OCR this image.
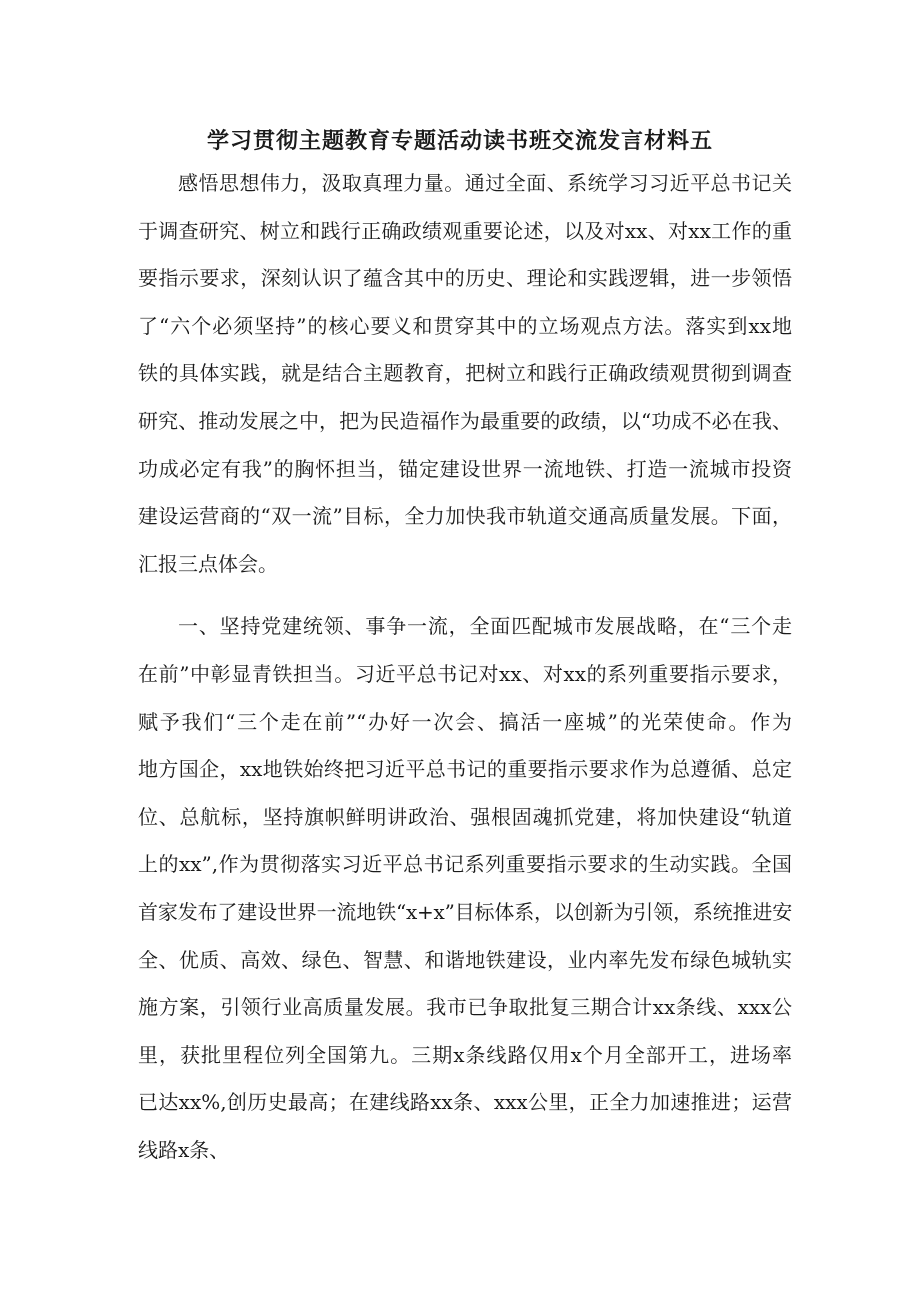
学习贯彻主题教育专题活动读书班交流发言材料五

感悟思想伟力，汲取真理力量。通过全面、系统学习习近平总书记关
于调查研究、树立和践行正确政绩观重要论述，以及对xx、对xx工作的重
要指示要求，深刻认识了蕴含其中的历史、理论和实践逻辑，进一步领悟
了“六个必须坚持”的核心要义和贯穿其中的立场观点方法。落实到xx地
铁的具体实践，就是结合主题教育，把树立和践行正确政绩观贯彻到调查
研究、推动发展之中，把为民造福作为最重要的政绩，以“功成不必在我、
功成必定有我”的胸怀担当，锚定建设世界一流地铁、打造一流城市投资
建设运营商的“双一流”目标，全力加快我市轨道交通高质量发展。下面，
汇报三点体会。

一、坚持党建统领、事争一流，全面匹配城市发展战略，在“三个走
在前”中彰显青铁担当。习近平总书记对xx、对xx的系列重要指示要求，
赋予我们“三个走在前”“办好一次会、搞活一座城”的光荣使命。作为
地方国企，xx地铁始终把习近平总书记的重要指示要求作为总遵循、总定
位、总航标，坚持旗帜鲜明讲政治、强根固魂抓党建，将加快建设“轨道
上的xx”,作为贯彻落实习近平总书记系列重要指示要求的生动实践。全国
首家发布了建设世界一流地铁“x+x”目标体系，以创新为引领，系统推进安
全、优质、高效、绿色、智慧、和谐地铁建设，业内率先发布绿色城轨实
施方案，引领行业高质量发展。我市已争取批复三期合计xx条线、xxx公
里，获批里程位列全国第九。三期x条线路仅用x个月全部开工，进场率
已达xx%,创历史最高；在建线路xx条、xxx公里，正全力加速推进；运营
线路x条、
